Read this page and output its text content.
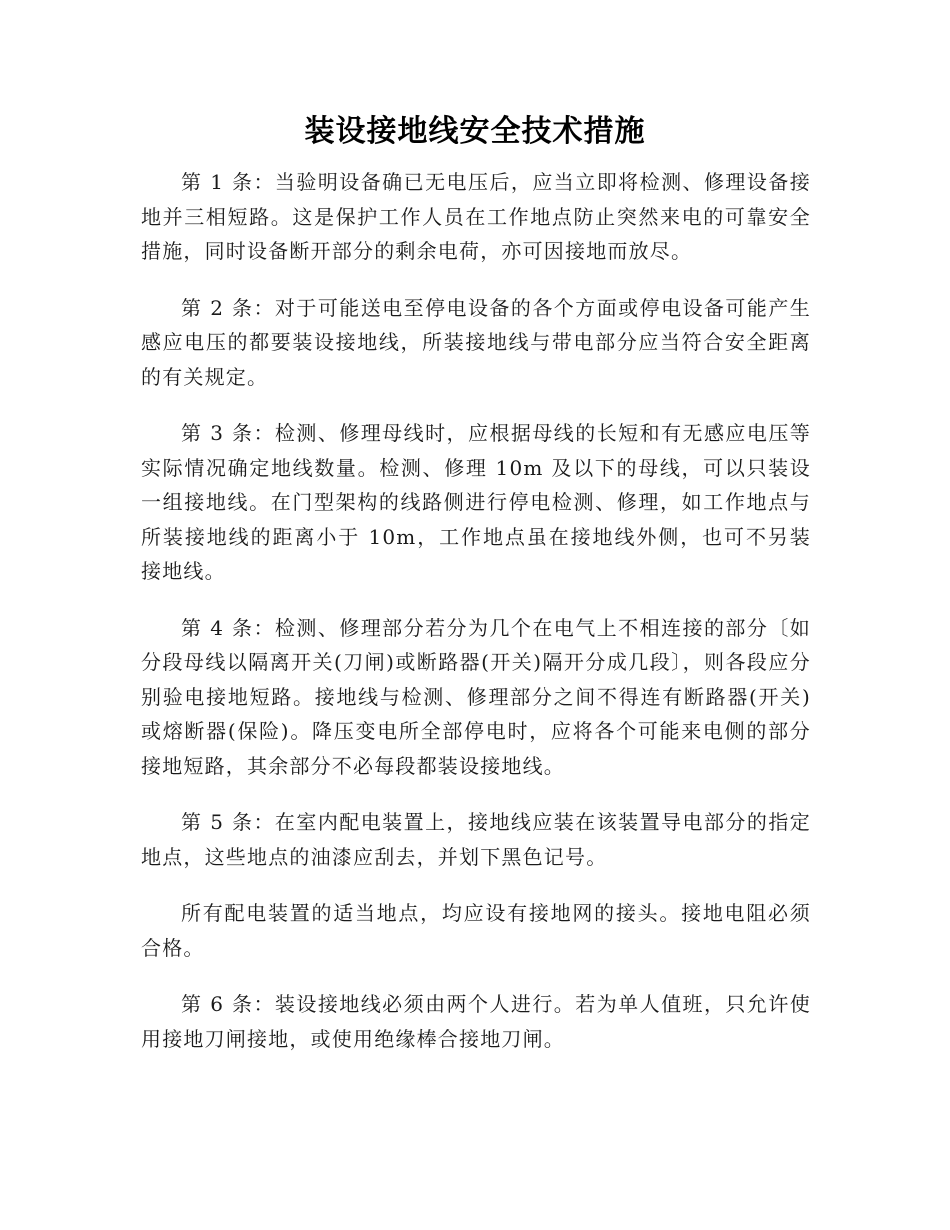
装设接地线安全技术措施

第 1 条：当验明设备确已无电压后，应当立即将检测、修理设备接地并三相短路。这是保护工作人员在工作地点防止突然来电的可靠安全措施，同时设备断开部分的剩余电荷，亦可因接地而放尽。

第 2 条：对于可能送电至停电设备的各个方面或停电设备可能产生感应电压的都要装设接地线，所装接地线与带电部分应当符合安全距离的有关规定。

第 3 条：检测、修理母线时，应根据母线的长短和有无感应电压等实际情况确定地线数量。检测、修理 10m 及以下的母线，可以只装设一组接地线。在门型架构的线路侧进行停电检测、修理，如工作地点与所装接地线的距离小于 10m，工作地点虽在接地线外侧，也可不另装接地线。

第 4 条：检测、修理部分若分为几个在电气上不相连接的部分〔如分段母线以隔离开关(刀闸)或断路器(开关)隔开分成几段〕，则各段应分别验电接地短路。接地线与检测、修理部分之间不得连有断路器(开关)或熔断器(保险)。降压变电所全部停电时，应将各个可能来电侧的部分接地短路，其余部分不必每段都装设接地线。

第 5 条：在室内配电装置上，接地线应装在该装置导电部分的指定地点，这些地点的油漆应刮去，并划下黑色记号。

所有配电装置的适当地点，均应设有接地网的接头。接地电阻必须合格。

第 6 条：装设接地线必须由两个人进行。若为单人值班，只允许使用接地刀闸接地，或使用绝缘棒合接地刀闸。
